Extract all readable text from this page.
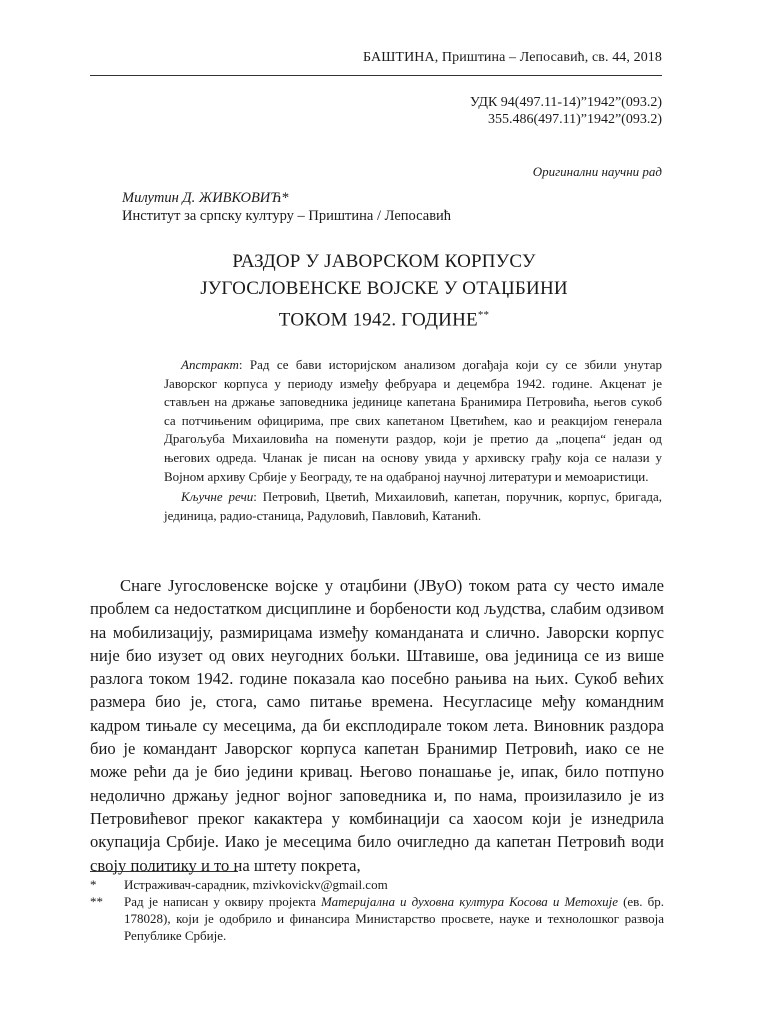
БАШТИНА, Приштина – Лепосавић, св. 44, 2018
УДК 94(497.11-14)”1942”(093.2)
355.486(497.11)”1942”(093.2)
Оригинални научни рад
Милутин Д. ЖИВКОВИЋ*
Институт за српску културу – Приштина / Лепосавић
РАЗДОР У ЈАВОРСКОМ КОРПУСУ
ЈУГОСЛОВЕНСКЕ ВОЈСКЕ У ОТАЏБИНИ
ТОКОМ 1942. ГОДИНЕ**

Апстракт: Рад се бави историјском анализом догађаја који су се збили унутар Јаворског корпуса у периоду између фебруара и децембра 1942. године. Акценат је стављен на држање заповедника јединице капетана Бранимира Петровића, његов сукоб са потчињеним официрима, пре свих капетаном Цветићем, као и реакцијом генерала Драгољуба Михаиловића на поменути раздор, који је претио да „поцепа“ један од његових одреда. Чланак је писан на основу увида у архивску грађу која се налази у Војном архиву Србије у Београду, те на одабраној научној литератури и мемоаристици.

Кључне речи: Петровић, Цветић, Михаиловић, капетан, поручник, корпус, бригада, јединица, радио-станица, Радуловић, Павловић, Катанић.

Снаге Југословенске војске у отаџбини (ЈВуО) током рата су често имале проблем са недостатком дисциплине и борбености код људства, слабим одзивом на мобилизацију, размирицама између команданата и слично. Јаворски корпус није био изузет од ових неугодних бољки. Штавише, ова јединица се из више разлога током 1942. године показала као посебно рањива на њих. Сукоб већих размера био је, стога, само питање времена. Несугласице међу командним кадром тињале су месецима, да би експлодирале током лета. Виновник раздора био је командант Јаворског корпуса капетан Бранимир Петровић, иако се не може рећи да је био једини кривац. Његово понашање је, ипак, било потпуно недолично држању једног војног заповедника и, по нама, произилазило је из Петровићевог преког кaкактера у комбинацији са хаосом који је изнедрила окупација Србије. Иако је месецима било очигледно да капетан Петровић води своју политику и то на штету покрета,

* Истраживач-сарадник, mzivkovickv@gmail.com
** Рад је написан у оквиру пројекта Материјална и духовна култура Косова и Метохије (ев. бр. 178028), који је одобрило и финансира Министарство просвете, науке и технолошког развоја Републике Србије.
